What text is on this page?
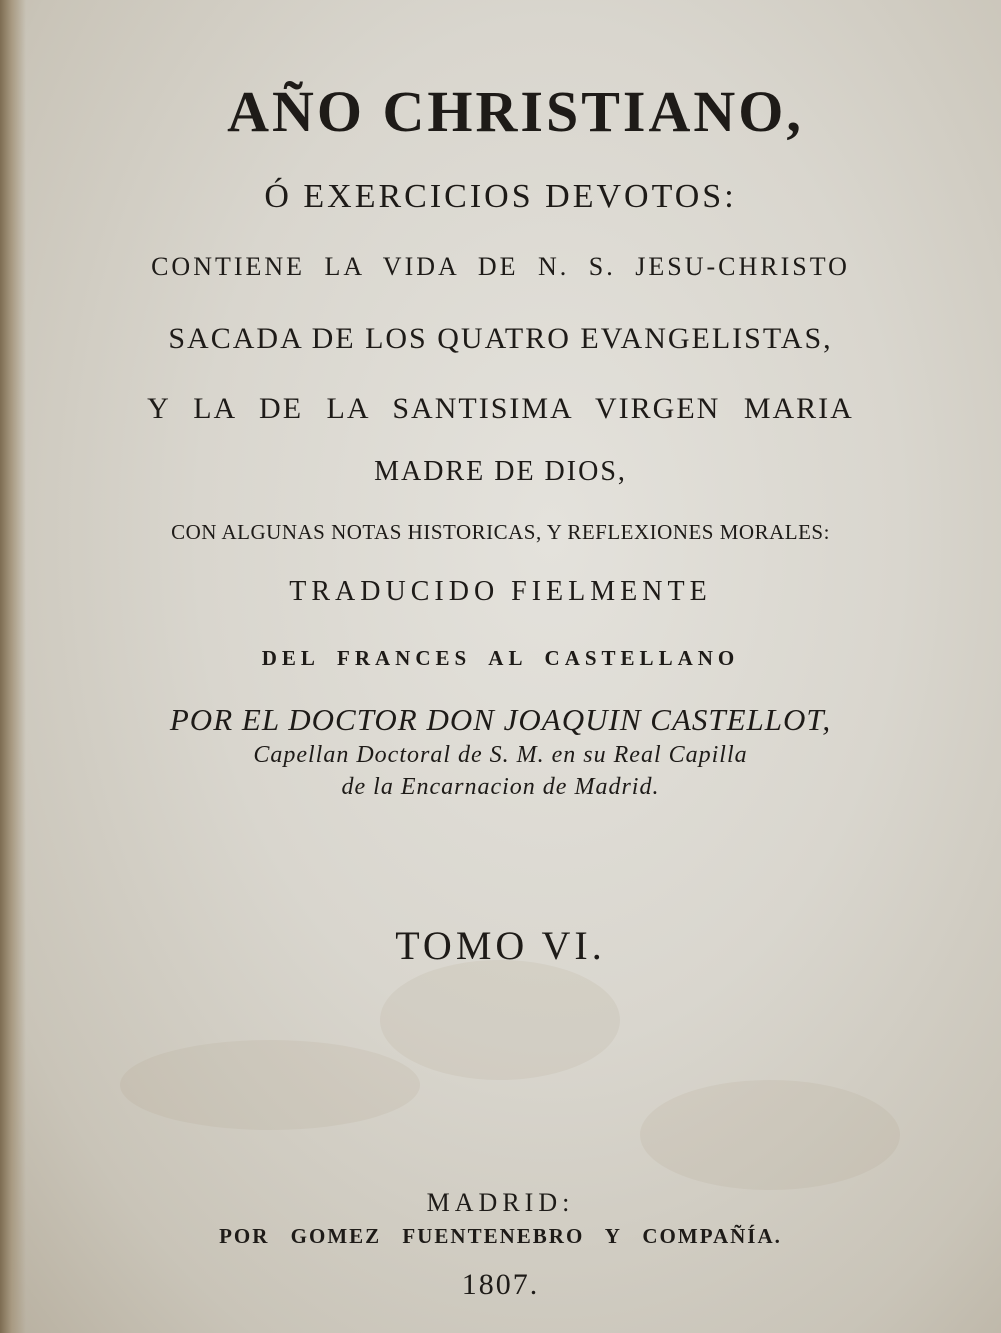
AÑO CHRISTIANO,
Ó EXERCICIOS DEVOTOS:
CONTIENE LA VIDA DE N. S. JESU-CHRISTO
SACADA DE LOS QUATRO EVANGELISTAS,
Y LA DE LA SANTISIMA VIRGEN MARIA
MADRE DE DIOS,
CON ALGUNAS NOTAS HISTORICAS, Y REFLEXIONES MORALES:
TRADUCIDO FIELMENTE
DEL FRANCES AL CASTELLANO
POR EL DOCTOR DON JOAQUIN CASTELLOT,
Capellan Doctoral de S. M. en su Real Capilla
de la Encarnacion de Madrid.
TOMO VI.
MADRID:
POR GOMEZ FUENTENEBRO Y COMPAÑÍA.
1807.
